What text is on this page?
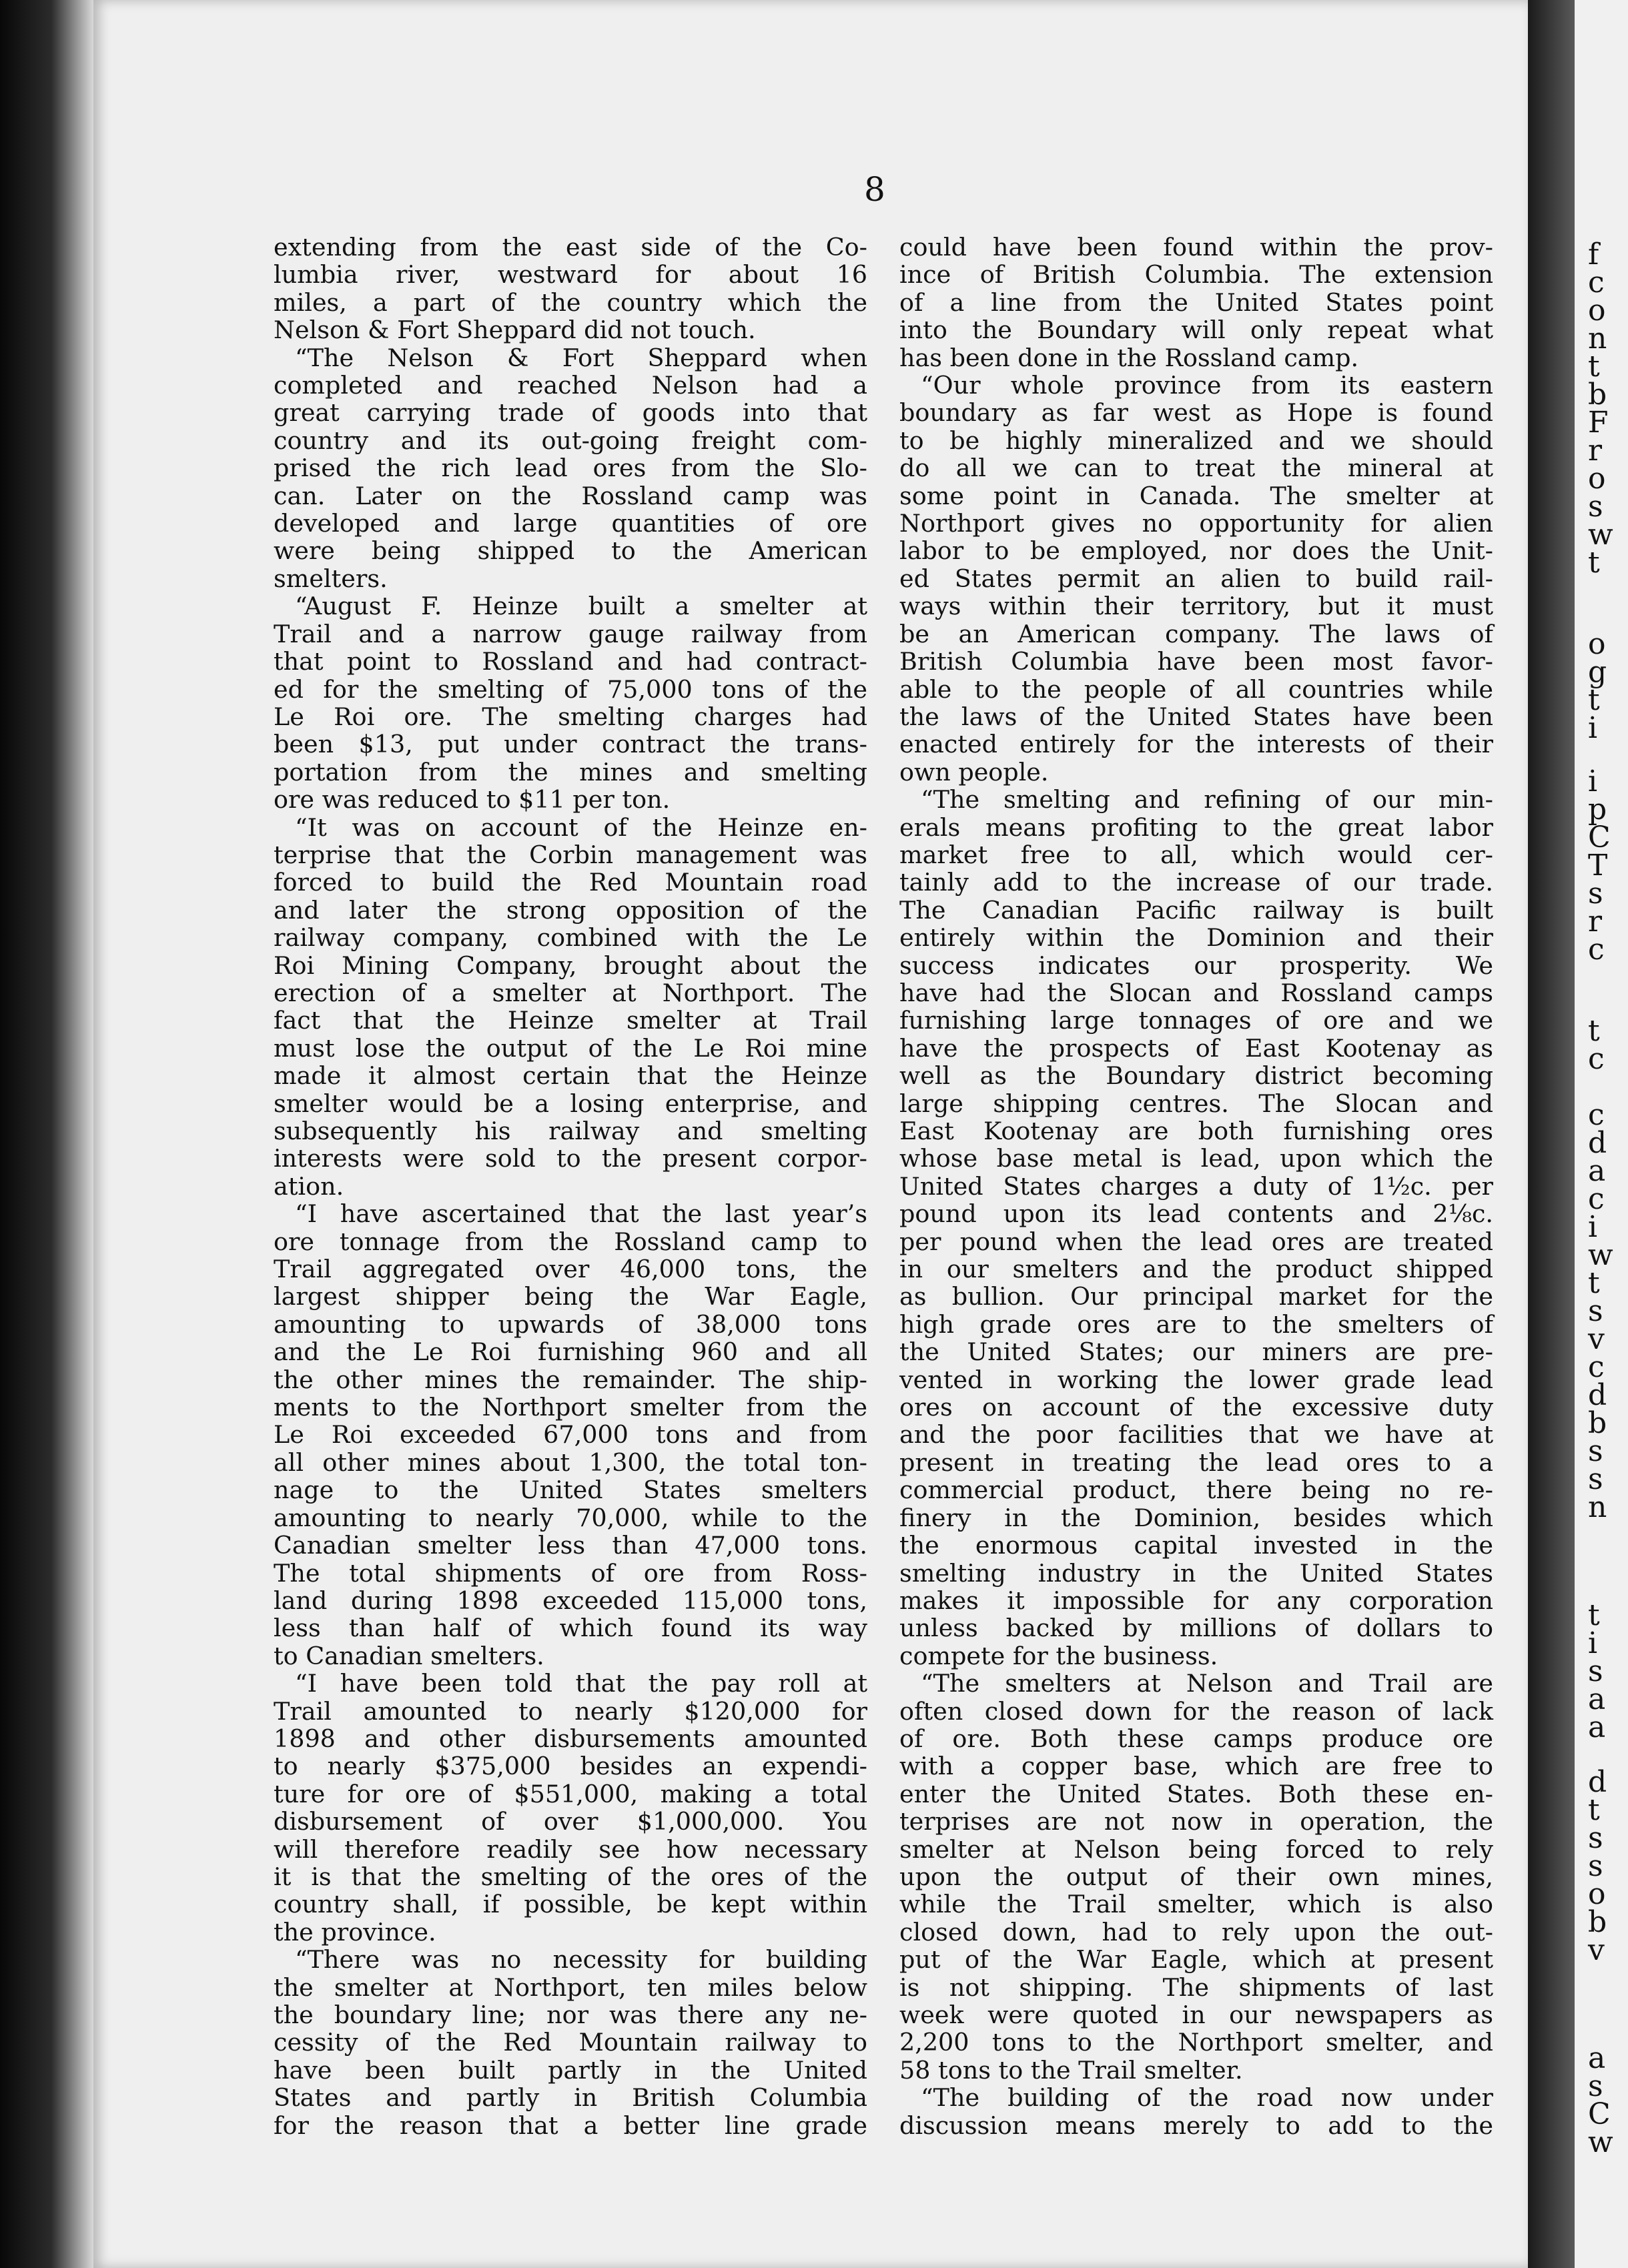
8
extending from the east side of the Co-
lumbia river, westward for about 16
miles, a part of the country which the
Nelson & Fort Sheppard did not touch.
“The Nelson & Fort Sheppard when
completed and reached Nelson had a
great carrying trade of goods into that
country and its out-going freight com-
prised the rich lead ores from the Slo-
can. Later on the Rossland camp was
developed and large quantities of ore
were being shipped to the American
smelters.
“August F. Heinze built a smelter at
Trail and a narrow gauge railway from
that point to Rossland and had contract-
ed for the smelting of 75,000 tons of the
Le Roi ore. The smelting charges had
been $13, put under contract the trans-
portation from the mines and smelting
ore was reduced to $11 per ton.
“It was on account of the Heinze en-
terprise that the Corbin management was
forced to build the Red Mountain road
and later the strong opposition of the
railway company, combined with the Le
Roi Mining Company, brought about the
erection of a smelter at Northport. The
fact that the Heinze smelter at Trail
must lose the output of the Le Roi mine
made it almost certain that the Heinze
smelter would be a losing enterprise, and
subsequently his railway and smelting
interests were sold to the present corpor-
ation.
“I have ascertained that the last year’s
ore tonnage from the Rossland camp to
Trail aggregated over 46,000 tons, the
largest shipper being the War Eagle,
amounting to upwards of 38,000 tons
and the Le Roi furnishing 960 and all
the other mines the remainder. The ship-
ments to the Northport smelter from the
Le Roi exceeded 67,000 tons and from
all other mines about 1,300, the total ton-
nage to the United States smelters
amounting to nearly 70,000, while to the
Canadian smelter less than 47,000 tons.
The total shipments of ore from Ross-
land during 1898 exceeded 115,000 tons,
less than half of which found its way
to Canadian smelters.
“I have been told that the pay roll at
Trail amounted to nearly $120,000 for
1898 and other disbursements amounted
to nearly $375,000 besides an expendi-
ture for ore of $551,000, making a total
disbursement of over $1,000,000. You
will therefore readily see how necessary
it is that the smelting of the ores of the
country shall, if possible, be kept within
the province.
“There was no necessity for building
the smelter at Northport, ten miles below
the boundary line; nor was there any ne-
cessity of the Red Mountain railway to
have been built partly in the United
States and partly in British Columbia
for the reason that a better line grade
could have been found within the prov-
ince of British Columbia. The extension
of a line from the United States point
into the Boundary will only repeat what
has been done in the Rossland camp.
“Our whole province from its eastern
boundary as far west as Hope is found
to be highly mineralized and we should
do all we can to treat the mineral at
some point in Canada. The smelter at
Northport gives no opportunity for alien
labor to be employed, nor does the Unit-
ed States permit an alien to build rail-
ways within their territory, but it must
be an American company. The laws of
British Columbia have been most favor-
able to the people of all countries while
the laws of the United States have been
enacted entirely for the interests of their
own people.
“The smelting and refining of our min-
erals means profiting to the great labor
market free to all, which would cer-
tainly add to the increase of our trade.
The Canadian Pacific railway is built
entirely within the Dominion and their
success indicates our prosperity. We
have had the Slocan and Rossland camps
furnishing large tonnages of ore and we
have the prospects of East Kootenay as
well as the Boundary district becoming
large shipping centres. The Slocan and
East Kootenay are both furnishing ores
whose base metal is lead, upon which the
United States charges a duty of 1½c. per
pound upon its lead contents and 2⅛c.
per pound when the lead ores are treated
in our smelters and the product shipped
as bullion. Our principal market for the
high grade ores are to the smelters of
the United States; our miners are pre-
vented in working the lower grade lead
ores on account of the excessive duty
and the poor facilities that we have at
present in treating the lead ores to a
commercial product, there being no re-
finery in the Dominion, besides which
the enormous capital invested in the
smelting industry in the United States
makes it impossible for any corporation
unless backed by millions of dollars to
compete for the business.
“The smelters at Nelson and Trail are
often closed down for the reason of lack
of ore. Both these camps produce ore
with a copper base, which are free to
enter the United States. Both these en-
terprises are not now in operation, the
smelter at Nelson being forced to rely
upon the output of their own mines,
while the Trail smelter, which is also
closed down, had to rely upon the out-
put of the War Eagle, which at present
is not shipping. The shipments of last
week were quoted in our newspapers as
2,200 tons to the Northport smelter, and
58 tons to the Trail smelter.
“The building of the road now under
discussion means merely to add to the
f
c
o
n
t
b
F
r
o
s
w
t
o
g
t
i
i
p
C
T
s
r
c
t
c
c
d
a
c
i
w
t
s
v
c
d
b
s
s
n
t
i
s
a
a
d
t
s
s
o
b
v
a
s
C
w
